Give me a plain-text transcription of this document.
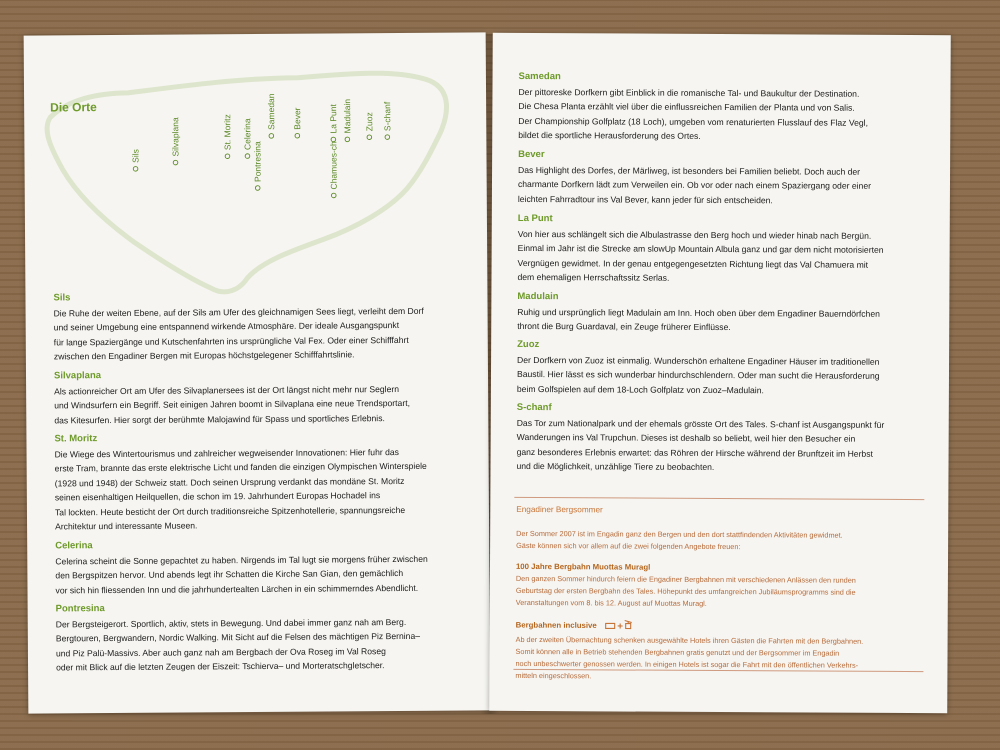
Die Orte
Sils	Silvaplana	St. Moritz Celerina
Pontresina
Samedan Bever
Chamues-ch
La Punt Madulain Zuoz S-chanf
Sils

Die Ruhe der weiten Ebene, auf der Sils am Ufer des gleichnamigen Sees liegt, verleiht dem Dorf
und seiner Umgebung eine entspannend wirkende Atmosphäre. Der ideale Ausgangspunkt
für lange Spaziergänge und Kutschenfahrten ins ursprüngliche Val Fex. Oder einer Schifffahrt
zwischen den Engadiner Bergen mit Europas höchstgelegener Schifffahrtslinie.

Silvaplana

Als actionreicher Ort am Ufer des Silvaplanersees ist der Ort längst nicht mehr nur Seglern
und Windsurfern ein Begriff. Seit einigen Jahren boomt in Silvaplana eine neue Trendsportart,
das Kitesurfen. Hier sorgt der berühmte Malojawind für Spass und sportliches Erlebnis.

St. Moritz

Die Wiege des Wintertourismus und zahlreicher wegweisender Innovationen: Hier fuhr das
erste Tram, brannte das erste elektrische Licht und fanden die einzigen Olympischen Winterspiele
(1928 und 1948) der Schweiz statt. Doch seinen Ursprung verdankt das mondäne St. Moritz
seinen eisenhaltigen Heilquellen, die schon im 19. Jahrhundert Europas Hochadel ins
Tal lockten. Heute besticht der Ort durch traditionsreiche Spitzenhotellerie, spannungsreiche
Architektur und interessante Museen.

Celerina

Celerina scheint die Sonne gepachtet zu haben. Nirgends im Tal lugt sie morgens früher zwischen
den Bergspitzen hervor. Und abends legt ihr Schatten die Kirche San Gian, den gemächlich
vor sich hin fliessenden Inn und die jahrhundertealten Lärchen in ein schimmerndes Abendlicht.

Pontresina

Der Bergsteigerort. Sportlich, aktiv, stets in Bewegung. Und dabei immer ganz nah am Berg.
Bergtouren, Bergwandern, Nordic Walking. Mit Sicht auf die Felsen des mächtigen Piz Bernina–
und Piz Palü-Massivs. Aber auch ganz nah am Bergbach der Ova Roseg im Val Roseg
oder mit Blick auf die letzten Zeugen der Eiszeit: Tschierva– und Morteratschgletscher.

Samedan

Der pittoreske Dorfkern gibt Einblick in die romanische Tal- und Baukultur der Destination.
Die Chesa Planta erzählt viel über die einflussreichen Familien der Planta und von Salis.
Der Championship Golfplatz (18 Loch), umgeben vom renaturierten Flusslauf des Flaz Vegl,
bildet die sportliche Herausforderung des Ortes.

Bever

Das Highlight des Dorfes, der Märliweg, ist besonders bei Familien beliebt. Doch auch der
charmante Dorfkern lädt zum Verweilen ein. Ob vor oder nach einem Spaziergang oder einer
leichten Fahrradtour ins Val Bever, kann jeder für sich entscheiden.

La Punt

Von hier aus schlängelt sich die Albulastrasse den Berg hoch und wieder hinab nach Bergün.
Einmal im Jahr ist die Strecke am slowUp Mountain Albula ganz und gar dem nicht motorisierten
Vergnügen gewidmet. In der genau entgegengesetzten Richtung liegt das Val Chamuera mit
dem ehemaligen Herrschaftssitz Serlas.

Madulain

Ruhig und ursprünglich liegt Madulain am Inn. Hoch oben über dem Engadiner Bauerndörfchen
thront die Burg Guardaval, ein Zeuge früherer Einflüsse.

Zuoz

Der Dorfkern von Zuoz ist einmalig. Wunderschön erhaltene Engadiner Häuser im traditionellen
Baustil. Hier lässt es sich wunderbar hindurchschlendern. Oder man sucht die Herausforderung
beim Golfspielen auf dem 18-Loch Golfplatz von Zuoz–Madulain.

S-chanf

Das Tor zum Nationalpark und der ehemals grösste Ort des Tales. S-chanf ist Ausgangspunkt für
Wanderungen ins Val Trupchun. Dieses ist deshalb so beliebt, weil hier den Besucher ein
ganz besonderes Erlebnis erwartet: das Röhren der Hirsche während der Brunftzeit im Herbst
und die Möglichkeit, unzählige Tiere zu beobachten.

Engadiner Bergsommer

Der Sommer 2007 ist im Engadin ganz den Bergen und den dort stattfindenden Aktivitäten gewidmet.
Gäste können sich vor allem auf die zwei folgenden Angebote freuen:

100 Jahre Bergbahn Muottas Muragl

Den ganzen Sommer hindurch feiern die Engadiner Bergbahnen mit verschiedenen Anlässen den runden
Geburtstag der ersten Bergbahn des Tales. Höhepunkt des umfangreichen Jubiläumsprogramms sind die
Veranstaltungen vom 8. bis 12. August auf Muottas Muragl.

Bergbahnen inclusive

Ab der zweiten Übernachtung schenken ausgewählte Hotels ihren Gästen die Fahrten mit den Bergbahnen.
Somit können alle in Betrieb stehenden Bergbahnen gratis genutzt und der Bergsommer im Engadin
noch unbeschwerter genossen werden. In einigen Hotels ist sogar die Fahrt mit den öffentlichen Verkehrs-
mitteln eingeschlossen.
